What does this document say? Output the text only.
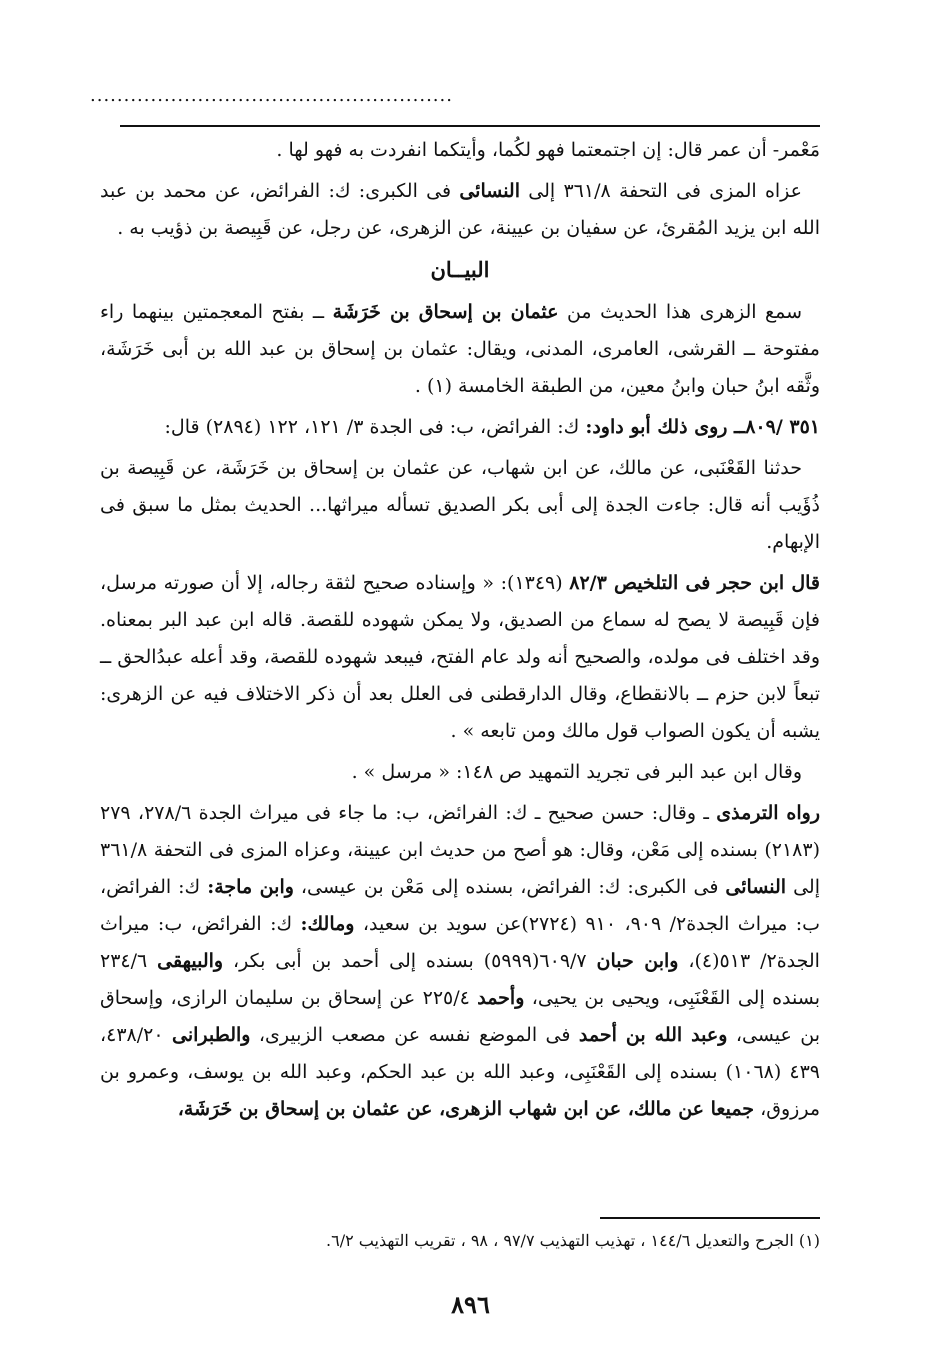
......................................................

مَعْمر- أن عمر قال: إن اجتمعتما فهو لكُما، وأيتكما انفردت به فهو لها .

عزاه المزى فى التحفة ٣٦١/٨ إلى النسائى فى الكبرى: ك: الفرائض، عن محمد بن عبد الله ابن يزيد المُقرئ، عن سفيان بن عيينة، عن الزهرى، عن رجل، عن قَبِيصة بن ذؤيب به .

البيــان

سمع الزهرى هذا الحديث من عثمان بن إسحاق بن خَرَشَة ــ بفتح المعجمتين بينهما راء مفتوحة ــ القرشى، العامرى، المدنى، ويقال: عثمان بن إسحاق بن عبد الله بن أبى خَرَشَة، وثَّقه ابنُ حبان وابنُ معين، من الطبقة الخامسة (١) .

٣٥١ /٨٠٩ــ روى ذلك أبو داود: ك: الفرائض، ب: فى الجدة ٣/ ١٢١، ١٢٢ (٢٨٩٤) قال:

حدثنا القَعْنَبى، عن مالك، عن ابن شهاب، عن عثمان بن إسحاق بن خَرَشَة، عن قَبِيصة بن ذُؤَيب أنه قال: جاءت الجدة إلى أبى بكر الصديق تسأله ميراثها... الحديث بمثل ما سبق فى الإبهام.

قال ابن حجر فى التلخيص ٨٢/٣ (١٣٤٩): « وإسناده صحيح لثقة رجاله، إلا أن صورته مرسل، فإن قَبِيصة لا يصح له سماع من الصديق، ولا يمكن شهوده للقصة. قاله ابن عبد البر بمعناه. وقد اختلف فى مولده، والصحيح أنه ولد عام الفتح، فيبعد شهوده للقصة، وقد أعله عبدُالحق ــ تبعاً لابن حزم ــ بالانقطاع، وقال الدارقطنى فى العلل بعد أن ذكر الاختلاف فيه عن الزهرى: يشبه أن يكون الصواب قول مالك ومن تابعه » .

وقال ابن عبد البر فى تجريد التمهيد ص ١٤٨: « مرسل » .

رواه الترمذى ـ وقال: حسن صحيح ـ ك: الفرائض، ب: ما جاء فى ميراث الجدة ٢٧٨/٦، ٢٧٩ (٢١٨٣) بسنده إلى مَعْن، وقال: هو أصح من حديث ابن عيينة، وعزاه المزى فى التحفة ٣٦١/٨ إلى النسائى فى الكبرى: ك: الفرائض، بسنده إلى مَعْن بن عيسى، وابن ماجة: ك: الفرائض، ب: ميراث الجدة٢/ ٩٠٩، ٩١٠ (٢٧٢٤)عن سويد بن سعيد، ومالك: ك: الفرائض، ب: ميراث الجدة٢/ ٥١٣(٤)، وابن حبان ٦٠٩/٧(٥٩٩٩) بسنده إلى أحمد بن أبى بكر، والبيهقى ٢٣٤/٦ بسنده إلى القَعْنَبِى، ويحيى بن يحيى، وأحمد ٢٢٥/٤ عن إسحاق بن سليمان الرازى، وإسحاق بن عيسى، وعبد الله بن أحمد فى الموضع نفسه عن مصعب الزبيرى، والطبرانى ٤٣٨/٢٠، ٤٣٩ (١٠٦٨) بسنده إلى القَعْنَبِى، وعبد الله بن عبد الحكم، وعبد الله بن يوسف، وعمرو بن مرزوق، جميعا عن مالك، عن ابن شهاب الزهرى، عن عثمان بن إسحاق بن خَرَشَة،

(١) الجرح والتعديل ١٤٤/٦ ، تهذيب التهذيب ٩٧/٧ ، ٩٨ ، تقريب التهذيب ٦/٢.
٨٩٦
